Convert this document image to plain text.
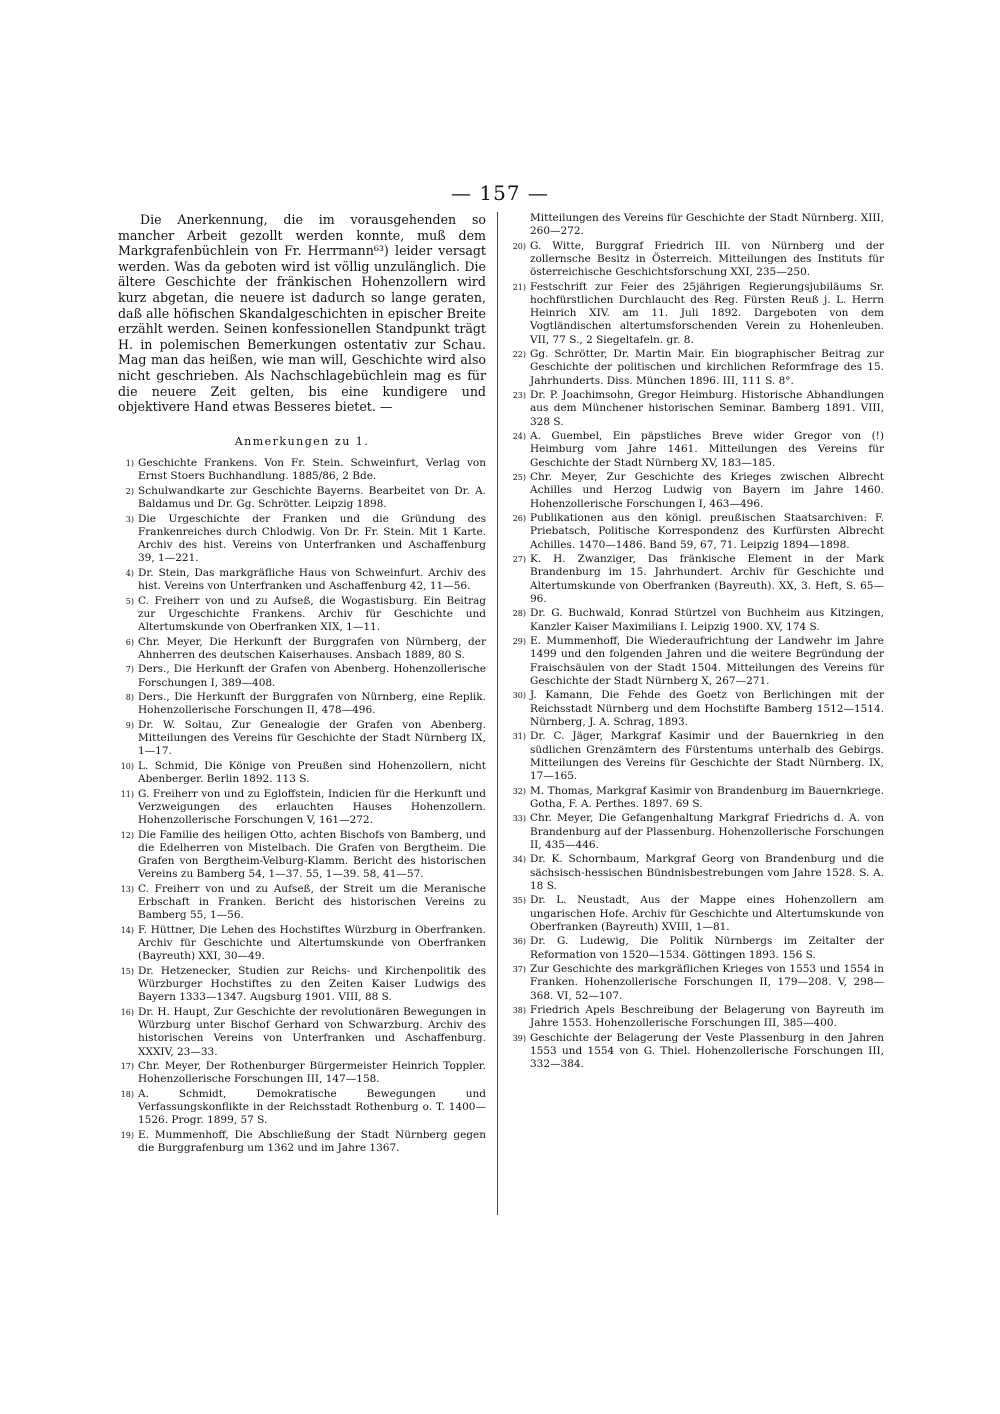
— 157 —

Die Anerkennung, die im vorausgehenden so mancher Arbeit gezollt werden konnte, muß dem Markgrafenbüchlein von Fr. Herrmann⁶³) leider versagt werden. Was da geboten wird ist völlig unzulänglich. Die ältere Geschichte der fränkischen Hohenzollern wird kurz abgetan, die neuere ist dadurch so lange geraten, daß alle höfischen Skandalgeschichten in epischer Breite erzählt werden. Seinen konfessionellen Standpunkt trägt H. in polemischen Bemerkungen ostentativ zur Schau. Mag man das heißen, wie man will, Geschichte wird also nicht geschrieben. Als Nachschlagebüchlein mag es für die neuere Zeit gelten, bis eine kundigere und objektivere Hand etwas Besseres bietet. —

Anmerkungen zu 1.
1) Geschichte Frankens. Von Fr. Stein. Schweinfurt, Verlag von Ernst Stoers Buchhandlung. 1885/86, 2 Bde.
2) Schulwandkarte zur Geschichte Bayerns. Bearbeitet von Dr. A. Baldamus und Dr. Gg. Schrötter. Leipzig 1898.
3) Die Urgeschichte der Franken und die Gründung des Frankenreiches durch Chlodwig. Von Dr. Fr. Stein. Mit 1 Karte. Archiv des hist. Vereins von Unterfranken und Aschaffenburg 39, 1—221.
4) Dr. Stein, Das markgräfliche Haus von Schweinfurt. Archiv des hist. Vereins von Unterfranken und Aschaffenburg 42, 11—56.
5) C. Freiherr von und zu Aufseß, die Wogastisburg. Ein Beitrag zur Urgeschichte Frankens. Archiv für Geschichte und Altertumskunde von Oberfranken XIX, 1—11.
6) Chr. Meyer, Die Herkunft der Burggrafen von Nürnberg, der Ahnherren des deutschen Kaiserhauses. Ansbach 1889, 80 S.
7) Ders., Die Herkunft der Grafen von Abenberg. Hohenzollerische Forschungen I, 389—408.
8) Ders., Die Herkunft der Burggrafen von Nürnberg, eine Replik. Hohenzollerische Forschungen II, 478—496.
9) Dr. W. Soltau, Zur Genealogie der Grafen von Abenberg. Mitteilungen des Vereins für Geschichte der Stadt Nürnberg IX, 1—17.
10) L. Schmid, Die Könige von Preußen sind Hohenzollern, nicht Abenberger. Berlin 1892. 113 S.
11) G. Freiherr von und zu Egloffstein, Indicien für die Herkunft und Verzweigungen des erlauchten Hauses Hohenzollern. Hohenzollerische Forschungen V, 161—272.
12) Die Familie des heiligen Otto, achten Bischofs von Bamberg, und die Edelherren von Mistelbach. Die Grafen von Bergtheim. Die Grafen von Bergtheim-Velburg-Klamm. Bericht des historischen Vereins zu Bamberg 54, 1—37. 55, 1—39. 58, 41—57.
13) C. Freiherr von und zu Aufseß, der Streit um die Meranische Erbschaft in Franken. Bericht des historischen Vereins zu Bamberg 55, 1—56.
14) F. Hüttner, Die Lehen des Hochstiftes Würzburg in Oberfranken. Archiv für Geschichte und Altertumskunde von Oberfranken (Bayreuth) XXI, 30—49.
15) Dr. Hetzenecker, Studien zur Reichs- und Kirchenpolitik des Würzburger Hochstiftes zu den Zeiten Kaiser Ludwigs des Bayern 1333—1347. Augsburg 1901. VIII, 88 S.
16) Dr. H. Haupt, Zur Geschichte der revolutionären Bewegungen in Würzburg unter Bischof Gerhard von Schwarzburg. Archiv des historischen Vereins von Unterfranken und Aschaffenburg. XXXIV, 23—33.
17) Chr. Meyer, Der Rothenburger Bürgermeister Heinrich Toppler. Hohenzollerische Forschungen III, 147—158.
18) A. Schmidt, Demokratische Bewegungen und Verfassungskonflikte in der Reichsstadt Rothenburg o. T. 1400—1526. Progr. 1899, 57 S.
19) E. Mummenhoff, Die Abschließung der Stadt Nürnberg gegen die Burggrafenburg um 1362 und im Jahre 1367.
Mitteilungen des Vereins für Geschichte der Stadt Nürnberg. XIII, 260—272.
20) G. Witte, Burggraf Friedrich III. von Nürnberg und der zollernsche Besitz in Österreich. Mitteilungen des Instituts für österreichische Geschichtsforschung XXI, 235—250.
21) Festschrift zur Feier des 25jährigen Regierungsjubiläums Sr. hochfürstlichen Durchlaucht des Reg. Fürsten Reuß j. L. Herrn Heinrich XIV. am 11. Juli 1892. Dargeboten von dem Vogtländischen altertumsforschenden Verein zu Hohenleuben. VII, 77 S., 2 Siegeltafeln. gr. 8.
22) Gg. Schrötter, Dr. Martin Mair. Ein biographischer Beitrag zur Geschichte der politischen und kirchlichen Reformfrage des 15. Jahrhunderts. Diss. München 1896. III, 111 S. 8°.
23) Dr. P. Joachimsohn, Gregor Heimburg. Historische Abhandlungen aus dem Münchener historischen Seminar. Bamberg 1891. VIII, 328 S.
24) A. Guembel, Ein päpstliches Breve wider Gregor von (!) Heimburg vom Jahre 1461. Mitteilungen des Vereins für Geschichte der Stadt Nürnberg XV, 183—185.
25) Chr. Meyer, Zur Geschichte des Krieges zwischen Albrecht Achilles und Herzog Ludwig von Bayern im Jahre 1460. Hohenzollerische Forschungen I, 463—496.
26) Publikationen aus den königl. preußischen Staatsarchiven: F. Priebatsch, Politische Korrespondenz des Kurfürsten Albrecht Achilles. 1470—1486. Band 59, 67, 71. Leipzig 1894—1898.
27) K. H. Zwanziger, Das fränkische Element in der Mark Brandenburg im 15. Jahrhundert. Archiv für Geschichte und Altertumskunde von Oberfranken (Bayreuth). XX, 3. Heft, S. 65—96.
28) Dr. G. Buchwald, Konrad Stürtzel von Buchheim aus Kitzingen, Kanzler Kaiser Maximilians I. Leipzig 1900. XV, 174 S.
29) E. Mummenhoff, Die Wiederaufrichtung der Landwehr im Jahre 1499 und den folgenden Jahren und die weitere Begründung der Fraischsäulen von der Stadt 1504. Mitteilungen des Vereins für Geschichte der Stadt Nürnberg X, 267—271.
30) J. Kamann, Die Fehde des Goetz von Berlichingen mit der Reichsstadt Nürnberg und dem Hochstifte Bamberg 1512—1514. Nürnberg, J. A. Schrag, 1893.
31) Dr. C. Jäger, Markgraf Kasimir und der Bauernkrieg in den südlichen Grenzämtern des Fürstentums unterhalb des Gebirgs. Mitteilungen des Vereins für Geschichte der Stadt Nürnberg. IX, 17—165.
32) M. Thomas, Markgraf Kasimir von Brandenburg im Bauernkriege. Gotha, F. A. Perthes. 1897. 69 S.
33) Chr. Meyer, Die Gefangenhaltung Markgraf Friedrichs d. A. von Brandenburg auf der Plassenburg. Hohenzollerische Forschungen II, 435—446.
34) Dr. K. Schornbaum, Markgraf Georg von Brandenburg und die sächsisch-hessischen Bündnisbestrebungen vom Jahre 1528. S. A. 18 S.
35) Dr. L. Neustadt, Aus der Mappe eines Hohenzollern am ungarischen Hofe. Archiv für Geschichte und Altertumskunde von Oberfranken (Bayreuth) XVIII, 1—81.
36) Dr. G. Ludewig, Die Politik Nürnbergs im Zeitalter der Reformation von 1520—1534. Göttingen 1893. 156 S.
37) Zur Geschichte des markgräflichen Krieges von 1553 und 1554 in Franken. Hohenzollerische Forschungen II, 179—208. V, 298—368. VI, 52—107.
38) Friedrich Apels Beschreibung der Belagerung von Bayreuth im Jahre 1553. Hohenzollerische Forschungen III, 385—400.
39) Geschichte der Belagerung der Veste Plassenburg in den Jahren 1553 und 1554 von G. Thiel. Hohenzollerische Forschungen III, 332—384.
